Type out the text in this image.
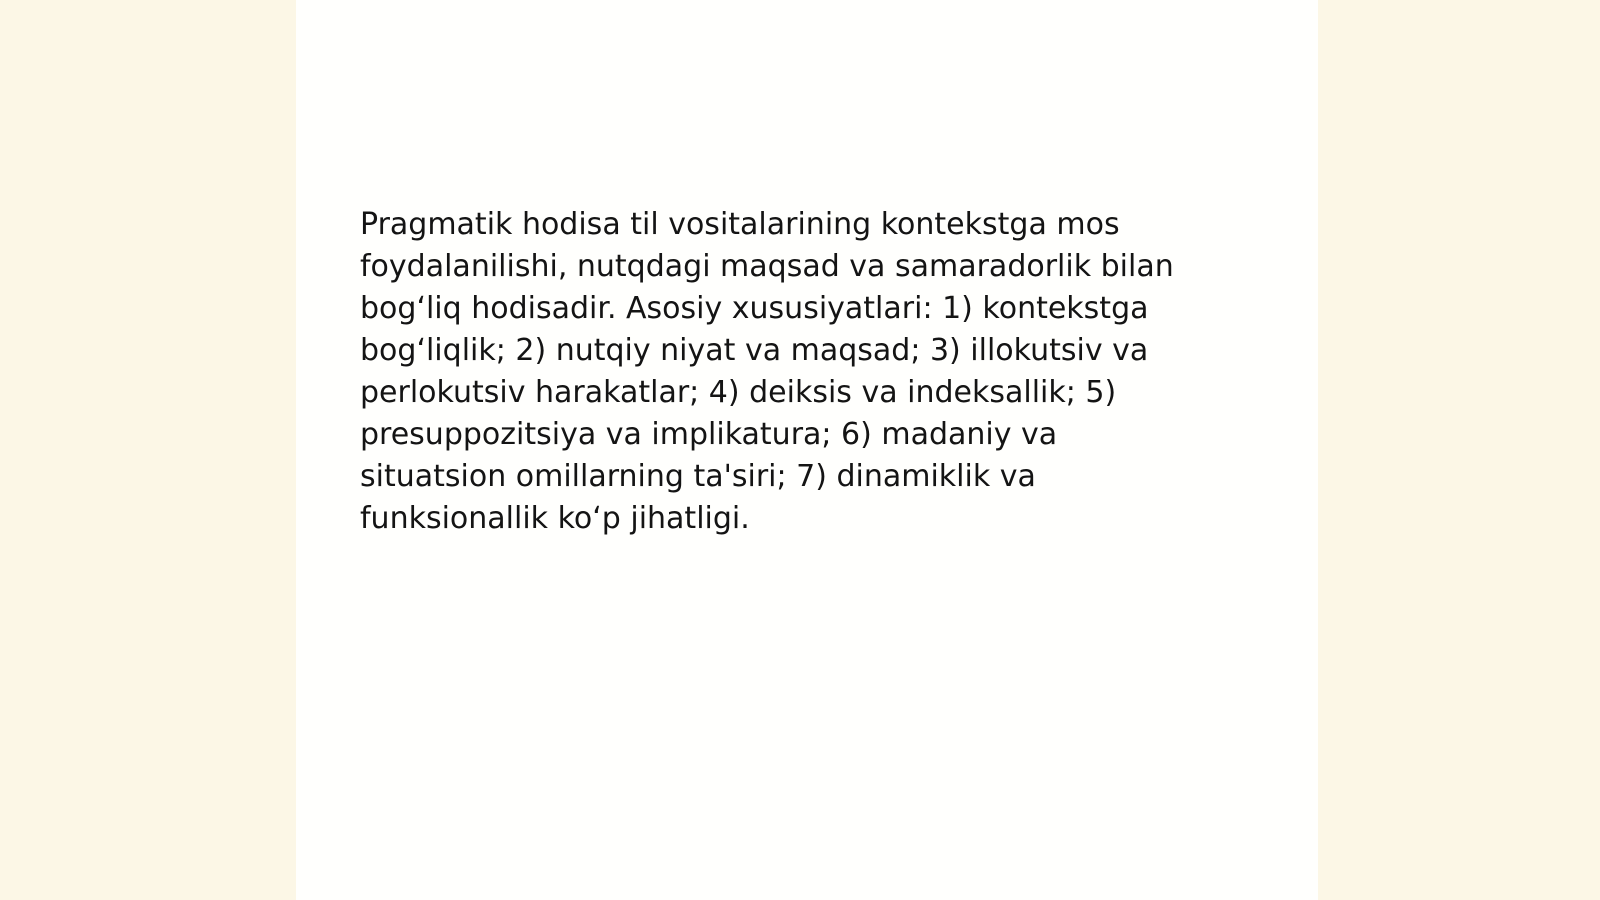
Pragmatik hodisa til vositalarining kontekstga mos
foydalanilishi, nutqdagi maqsad va samaradorlik bilan
bog‘liq hodisadir. Asosiy xususiyatlari: 1) kontekstga
bog‘liqlik; 2) nutqiy niyat va maqsad; 3) illokutsiv va
perlokutsiv harakatlar; 4) deiksis va indeksallik; 5)
presuppozitsiya va implikatura; 6) madaniy va
situatsion omillarning ta'siri; 7) dinamiklik va
funksionallik ko‘p jihatligi.
